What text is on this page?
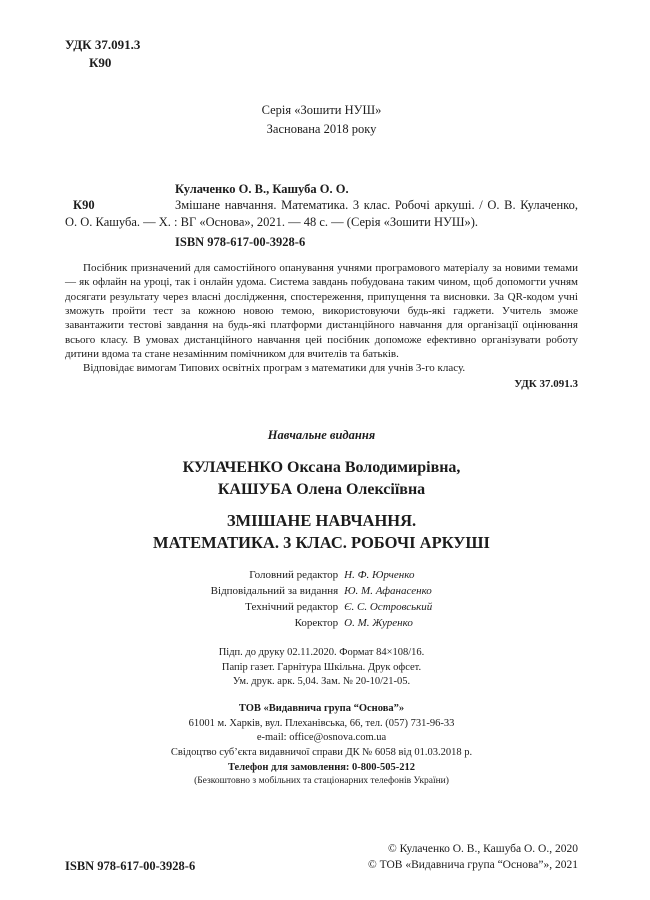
УДК 37.091.3
К90
Серія «Зошити НУШ»
Заснована 2018 року
Кулаченко О. В., Кашуба О. О.
К90	Змішане навчання. Математика. 3 клас. Робочі аркуші. / О. В. Кулаченко, О. О. Кашуба. — Х. : ВГ «Основа», 2021. — 48 с. — (Серія «Зошити НУШ»).

ISBN 978-617-00-3928-6

Посібник призначений для самостійного опанування учнями програмового матеріалу за новими темами — як офлайн на уроці, так і онлайн удома. Система завдань побудована таким чином, щоб допомогти учням досягати результату через власні дослідження, спостереження, припущення та висновки. За QR-кодом учні зможуть пройти тест за кожною новою темою, використовуючи будь-які гаджети. Учитель зможе завантажити тестові завдання на будь-які платформи дистанційного навчання для організації оцінювання всього класу. В умовах дистанційного навчання цей посібник допоможе ефективно організувати роботу дитини вдома та стане незамінним помічником для вчителів та батьків.

Відповідає вимогам Типових освітніх програм з математики для учнів 3-го класу.

УДК 37.091.3

Навчальне видання
КУЛАЧЕНКО Оксана Володимирівна,
КАШУБА Олена Олексіївна
ЗМІШАНЕ НАВЧАННЯ.
МАТЕМАТИКА. 3 КЛАС. РОБОЧІ АРКУШІ
Головний редактор Н. Ф. Юрченко
Відповідальний за видання Ю. М. Афанасенко
Технічний редактор Є. С. Островський
Коректор О. М. Журенко
Підп. до друку 02.11.2020. Формат 84×108/16.
Папір газет. Гарнітура Шкільна. Друк офсет.
Ум. друк. арк. 5,04. Зам. № 20-10/21-05.
ТОВ «Видавнича група “Основа”»
61001 м. Харків, вул. Плеханівська, 66, тел. (057) 731-96-33
e-mail: office@osnova.com.ua
Свідоцтво суб’єкта видавничої справи ДК № 6058 від 01.03.2018 р.
Телефон для замовлення: 0-800-505-212
(Безкоштовно з мобільних та стаціонарних телефонів України)
ISBN 978-617-00-3928-6
© Кулаченко О. В., Кашуба О. О., 2020
© ТОВ «Видавнича група “Основа”», 2021
